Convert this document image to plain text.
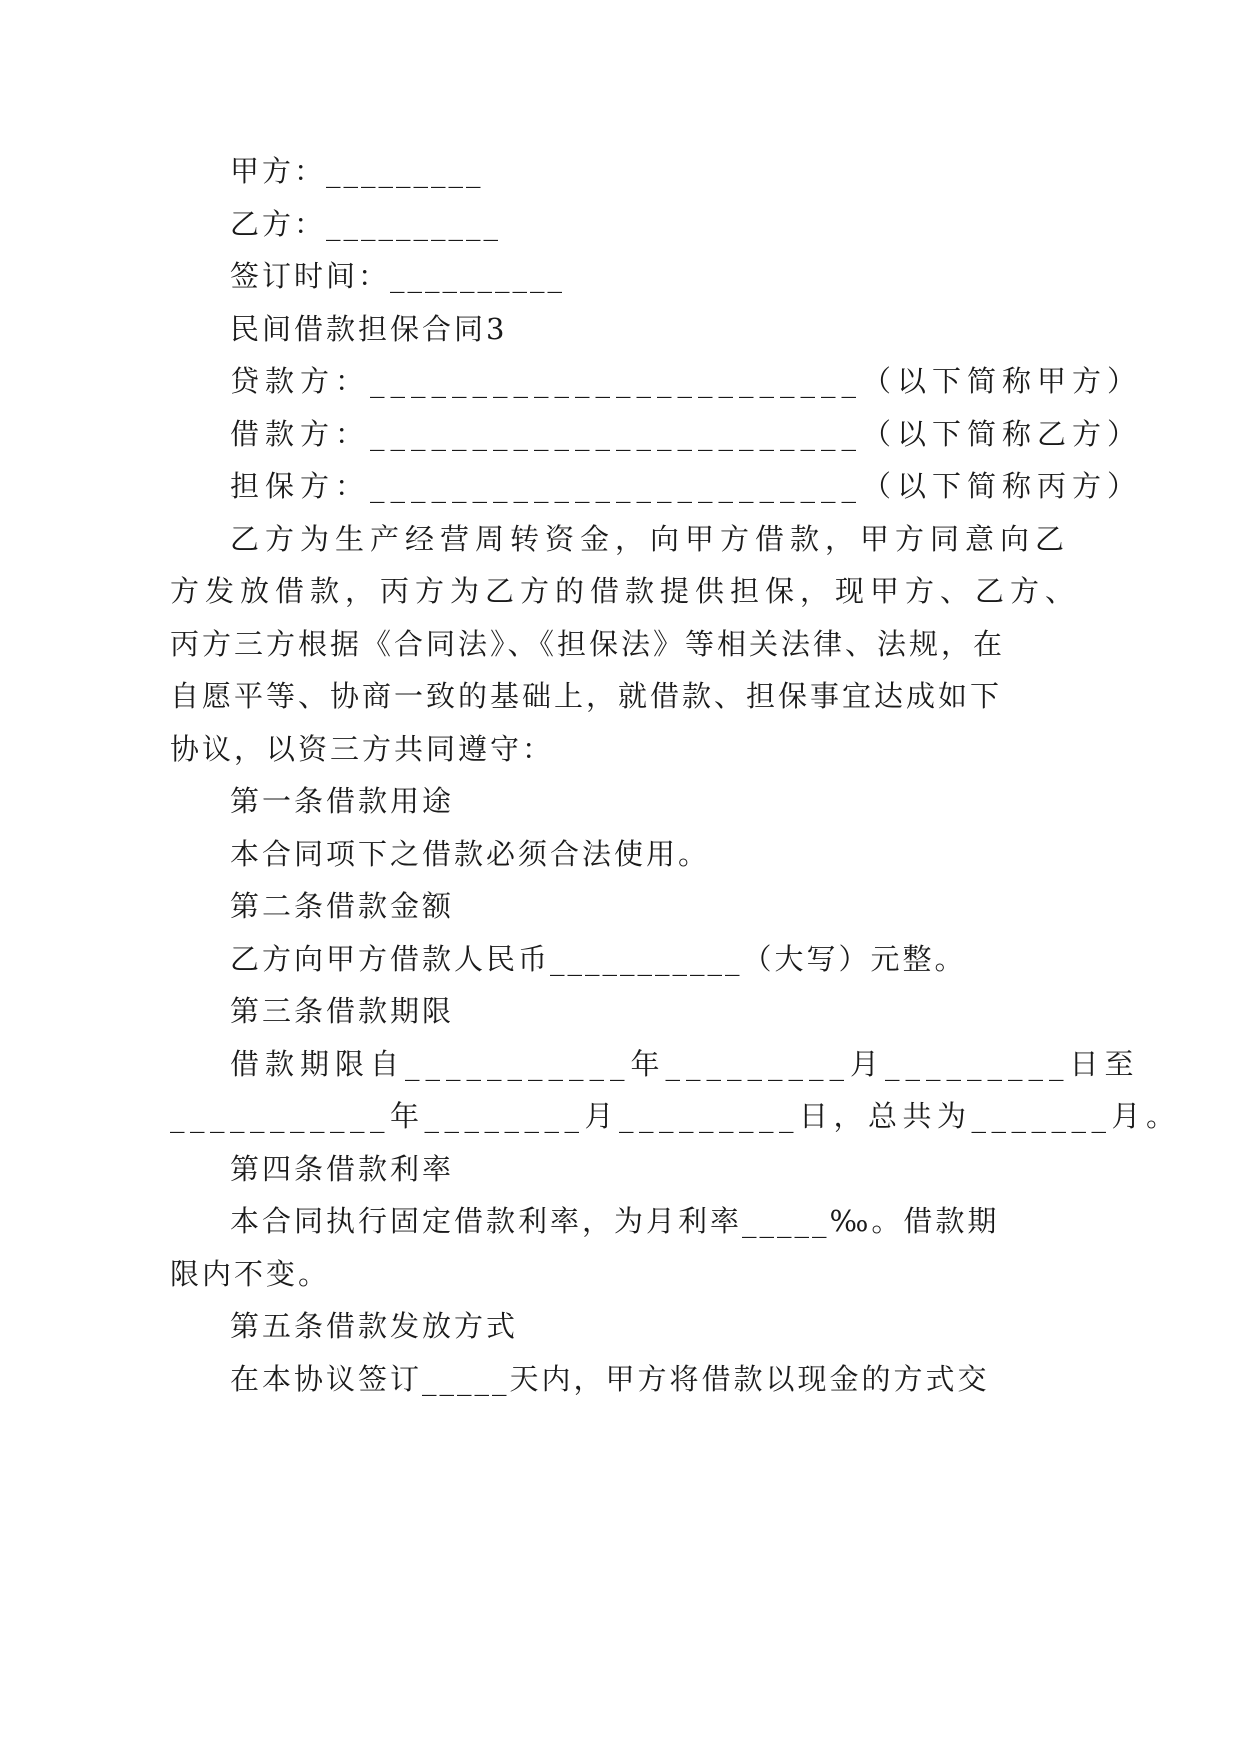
甲方：_________
乙方：__________
签订时间：__________
民间借款担保合同3
贷款方：________________________（以下简称甲方）
借款方：________________________（以下简称乙方）
担保方：________________________（以下简称丙方）
乙方为生产经营周转资金，向甲方借款，甲方同意向乙
方发放借款，丙方为乙方的借款提供担保，现甲方、乙方、
丙方三方根据《合同法》、《担保法》等相关法律、法规，在
自愿平等、协商一致的基础上，就借款、担保事宜达成如下
协议，以资三方共同遵守：
第一条借款用途
本合同项下之借款必须合法使用。
第二条借款金额
乙方向甲方借款人民币___________（大写）元整。
第三条借款期限
借款期限自___________年_________月_________日至
___________年________月_________日，总共为_______月。
第四条借款利率
本合同执行固定借款利率，为月利率_____‰。借款期
限内不变。
第五条借款发放方式
在本协议签订_____天内，甲方将借款以现金的方式交
